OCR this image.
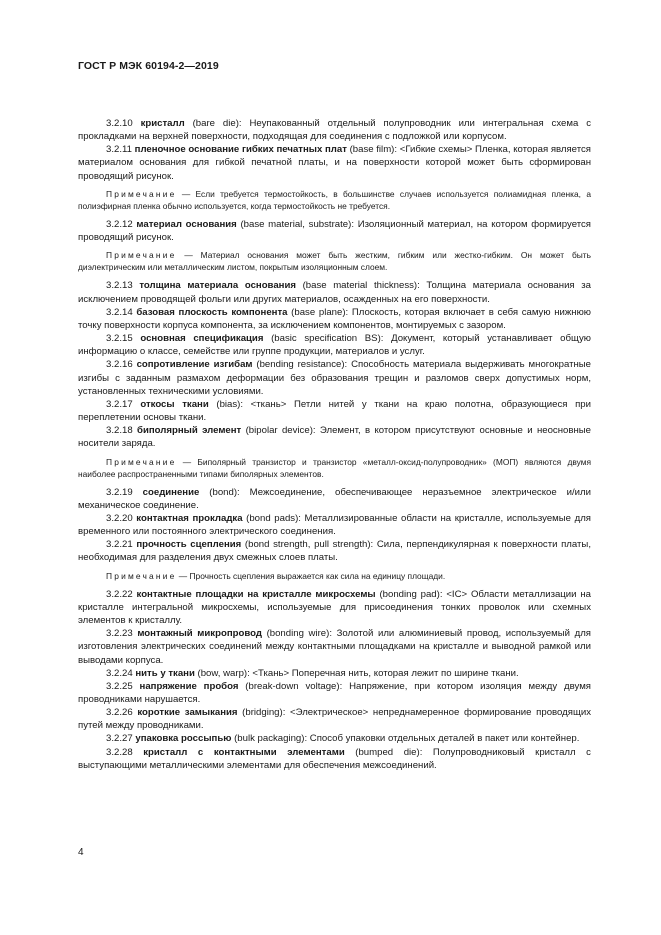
ГОСТ Р МЭК 60194-2—2019

3.2.10 кристалл (bare die): Неупакованный отдельный полупроводник или интегральная схема с прокладками на верхней поверхности, подходящая для соединения с подложкой или корпусом.

3.2.11 пленочное основание гибких печатных плат (base film): <Гибкие схемы> Пленка, которая является материалом основания для гибкой печатной платы, и на поверхности которой может быть сформирован проводящий рисунок.

Примечание — Если требуется термостойкость, в большинстве случаев используется полиамидная пленка, а полиэфирная пленка обычно используется, когда термостойкость не требуется.

3.2.12 материал основания (base material, substrate): Изоляционный материал, на котором формируется проводящий рисунок.

Примечание — Материал основания может быть жестким, гибким или жестко-гибким. Он может быть диэлектрическим или металлическим листом, покрытым изоляционным слоем.

3.2.13 толщина материала основания (base material thickness): Толщина материала основания за исключением проводящей фольги или других материалов, осажденных на его поверхности.

3.2.14 базовая плоскость компонента (base plane): Плоскость, которая включает в себя самую нижнюю точку поверхности корпуса компонента, за исключением компонентов, монтируемых с зазором.

3.2.15 основная спецификация (basic specification BS): Документ, который устанавливает общую информацию о классе, семействе или группе продукции, материалов и услуг.

3.2.16 сопротивление изгибам (bending resistance): Способность материала выдерживать многократные изгибы с заданным размахом деформации без образования трещин и разломов сверх допустимых норм, установленных техническими условиями.

3.2.17 откосы ткани (bias): <ткань> Петли нитей у ткани на краю полотна, образующиеся при переплетении основы ткани.

3.2.18 биполярный элемент (bipolar device): Элемент, в котором присутствуют основные и неосновные носители заряда.

Примечание — Биполярный транзистор и транзистор «металл-оксид-полупроводник» (МОП) являются двумя наиболее распространенными типами биполярных элементов.

3.2.19 соединение (bond): Межсоединение, обеспечивающее неразъемное электрическое и/или механическое соединение.

3.2.20 контактная прокладка (bond pads): Металлизированные области на кристалле, используемые для временного или постоянного электрического соединения.

3.2.21 прочность сцепления (bond strength, pull strength): Сила, перпендикулярная к поверхности платы, необходимая для разделения двух смежных слоев платы.

Примечание — Прочность сцепления выражается как сила на единицу площади.

3.2.22 контактные площадки на кристалле микросхемы (bonding pad): <IC> Области металлизации на кристалле интегральной микросхемы, используемые для присоединения тонких проволок или схемных элементов к кристаллу.

3.2.23 монтажный микропровод (bonding wire): Золотой или алюминиевый провод, используемый для изготовления электрических соединений между контактными площадками на кристалле и выводной рамкой или выводами корпуса.

3.2.24 нить у ткани (bow, warp): <Ткань> Поперечная нить, которая лежит по ширине ткани.

3.2.25 напряжение пробоя (break-down voltage): Напряжение, при котором изоляция между двумя проводниками нарушается.

3.2.26 короткие замыкания (bridging): <Электрическое> непреднамеренное формирование проводящих путей между проводниками.

3.2.27 упаковка россыпью (bulk packaging): Способ упаковки отдельных деталей в пакет или контейнер.

3.2.28 кристалл с контактными элементами (bumped die): Полупроводниковый кристалл с выступающими металлическими элементами для обеспечения межсоединений.

4
